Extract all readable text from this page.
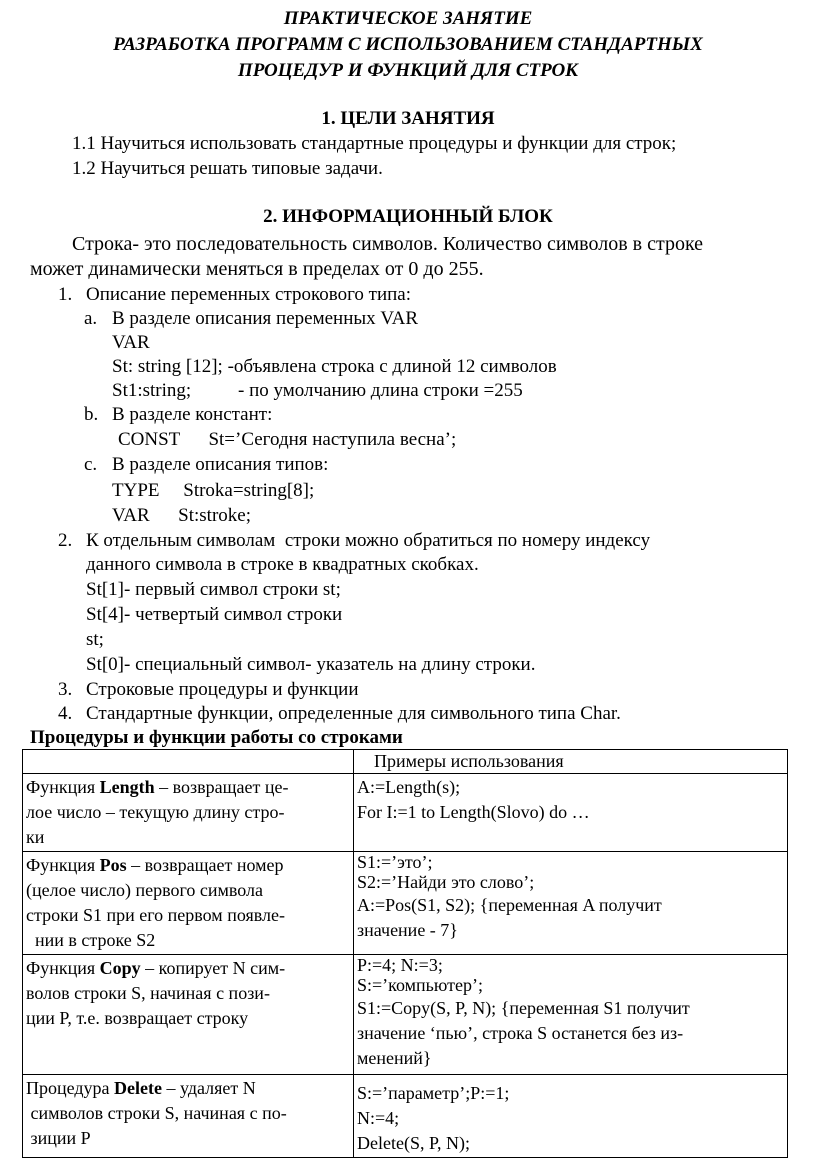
ПРАКТИЧЕСКОЕ ЗАНЯТИЕ
РАЗРАБОТКА ПРОГРАММ С ИСПОЛЬЗОВАНИЕМ СТАНДАРТНЫХ
ПРОЦЕДУР И ФУНКЦИЙ ДЛЯ СТРОК
1. ЦЕЛИ ЗАНЯТИЯ
1.1 Научиться использовать стандартные процедуры и функции для строк;
1.2 Научиться решать типовые задачи.
2. ИНФОРМАЦИОННЫЙ БЛОК
Строка- это последовательность символов. Количество символов в строке
может динамически меняться в пределах от 0 до 255.
1. Описание переменных строкового типа:
a. В разделе описания переменных VAR
VAR
St: string [12]; -объявлена строка с длиной 12 символов
St1:string; - по умолчанию длина строки =255
b. В разделе констант:
CONST      St=’Сегодня наступила весна’;
c. В разделе описания типов:
TYPE     Stroka=string[8];
VAR      St:stroke;
2. К отдельным символам  строки можно обратиться по номеру индексу
данного символа в строке в квадратных скобках.
St[1]- первый символ строки st;
St[4]- четвертый символ строки
st;
St[0]- специальный символ- указатель на длину строки.
3. Строковые процедуры и функции
4. Стандартные функции, определенные для символьного типа Char.
Процедуры и функции работы со строками
	Примеры использования

Функция Length – возвращает це-
лое число – текущую длину стро-
ки	A:=Length(s);
For I:=1 to Length(Slovo) do …

Функция Pos – возвращает номер
(целое число) первого символа
строки S1 при его первом появле-
нии в строке S2	S1:=’это’;
S2:=’Найди это слово’;
A:=Pos(S1, S2); {переменная A получит
значение - 7}

Функция Copy – копирует N сим-
волов строки S, начиная с пози-
ции P, т.е. возвращает строку	P:=4; N:=3;
S:=’компьютер’;
S1:=Copy(S, P, N); {переменная S1 получит
значение ‘пью’, строка S останется без из-
менений}

Процедура Delete – удаляет N
символов строки S, начиная с по-
зиции P	S:=’параметр’;P:=1;
N:=4;
Delete(S, P, N);
